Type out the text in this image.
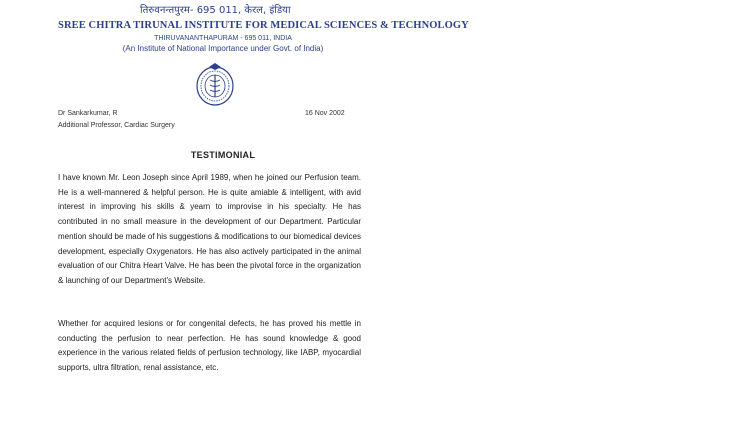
तिरुवनन्तपुरम- 695 011, केरल, इंडिया
SREE CHITRA TIRUNAL INSTITUTE FOR MEDICAL SCIENCES & TECHNOLOGY
THIRUVANANTHAPURAM - 695 011, INDIA
(An Institute of National Importance under Govt. of India)
Dr Sankarkumar, R
Additional Professor, Cardiac Surgery
16 Nov 2002
TESTIMONIAL

I have known Mr. Leon Joseph since April 1989, when he joined our Perfusion team. He is a well-mannered & helpful person. He is quite amiable & intelligent, with avid interest in improving his skills & yearn to improvise in his specialty. He has contributed in no small measure in the development of our Department. Particular mention should be made of his suggestions & modifications to our biomedical devices development, especially Oxygenators. He has also actively participated in the animal evaluation of our Chitra Heart Valve. He has been the pivotal force in the organization & launching of our Department's Website.

Whether for acquired lesions or for congenital defects, he has proved his mettle in conducting the perfusion to near perfection. He has sound knowledge & good experience in the various related fields of perfusion technology, like IABP, myocardial supports, ultra filtration, renal assistance, etc.
